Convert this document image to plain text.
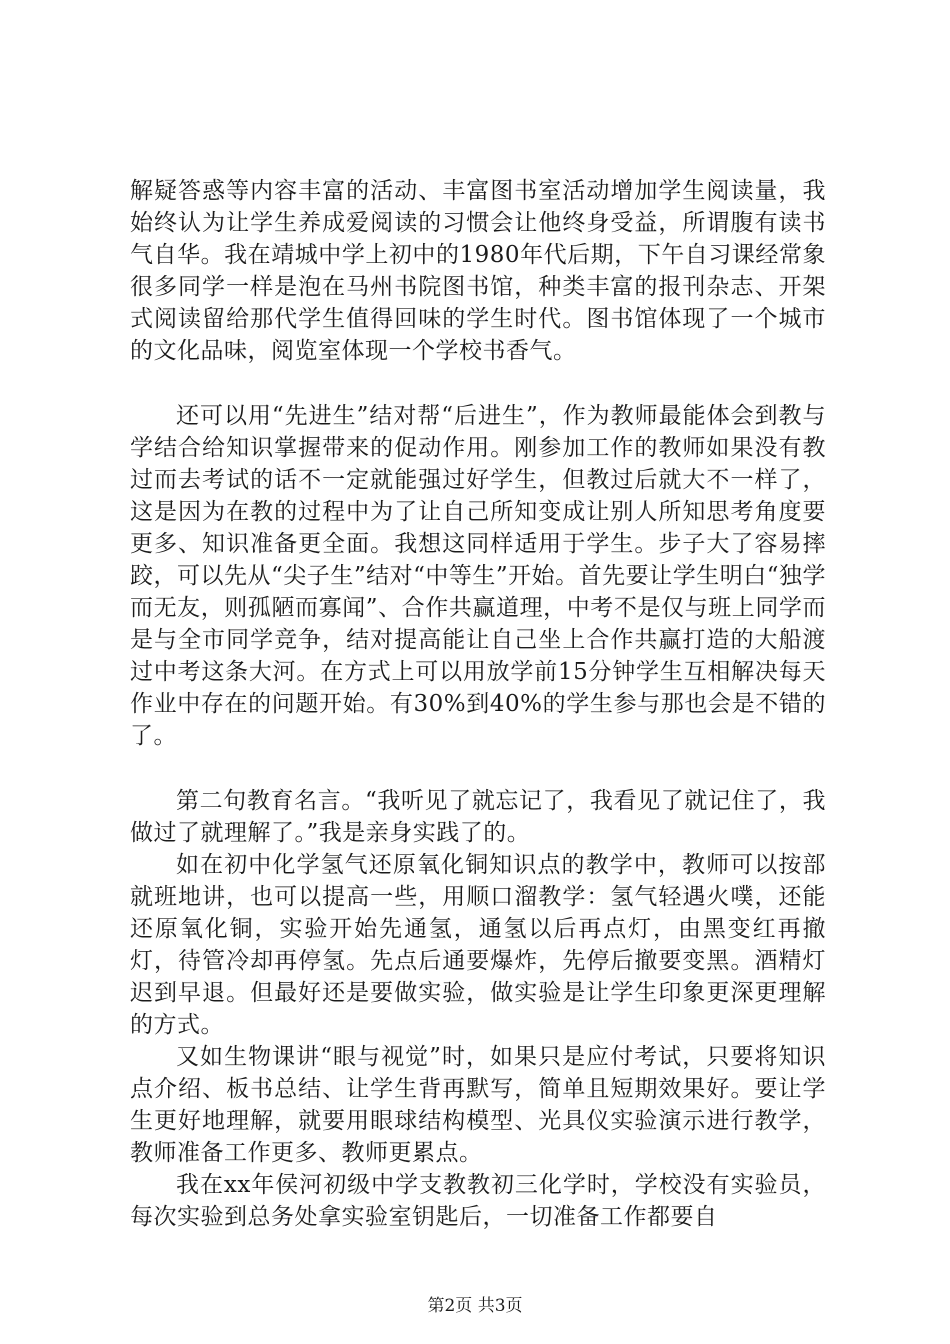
解疑答惑等内容丰富的活动、丰富图书室活动增加学生阅读量，我始终认为让学生养成爱阅读的习惯会让他终身受益，所谓腹有读书气自华。我在靖城中学上初中的1980年代后期，下午自习课经常象很多同学一样是泡在马州书院图书馆，种类丰富的报刊杂志、开架式阅读留给那代学生值得回味的学生时代。图书馆体现了一个城市的文化品味，阅览室体现一个学校书香气。

还可以用“先进生”结对帮“后进生”，作为教师最能体会到教与学结合给知识掌握带来的促动作用。刚参加工作的教师如果没有教过而去考试的话不一定就能强过好学生，但教过后就大不一样了，这是因为在教的过程中为了让自己所知变成让别人所知思考角度要更多、知识准备更全面。我想这同样适用于学生。步子大了容易摔跤，可以先从“尖子生”结对“中等生”开始。首先要让学生明白“独学而无友，则孤陋而寡闻”、合作共赢道理，中考不是仅与班上同学而是与全市同学竞争，结对提高能让自己坐上合作共赢打造的大船渡过中考这条大河。在方式上可以用放学前15分钟学生互相解决每天作业中存在的问题开始。有30%到40%的学生参与那也会是不错的了。

第二句教育名言。“我听见了就忘记了，我看见了就记住了，我做过了就理解了。”我是亲身实践了的。

如在初中化学氢气还原氧化铜知识点的教学中，教师可以按部就班地讲，也可以提高一些，用顺口溜教学：氢气轻遇火噗，还能还原氧化铜，实验开始先通氢，通氢以后再点灯，由黑变红再撤灯，待管冷却再停氢。先点后通要爆炸，先停后撤要变黑。酒精灯迟到早退。但最好还是要做实验，做实验是让学生印象更深更理解的方式。

又如生物课讲“眼与视觉”时，如果只是应付考试，只要将知识点介绍、板书总结、让学生背再默写，简单且短期效果好。要让学生更好地理解，就要用眼球结构模型、光具仪实验演示进行教学，教师准备工作更多、教师更累点。

我在xx年侯河初级中学支教教初三化学时，学校没有实验员，每次实验到总务处拿实验室钥匙后，一切准备工作都要自

第2页 共3页
